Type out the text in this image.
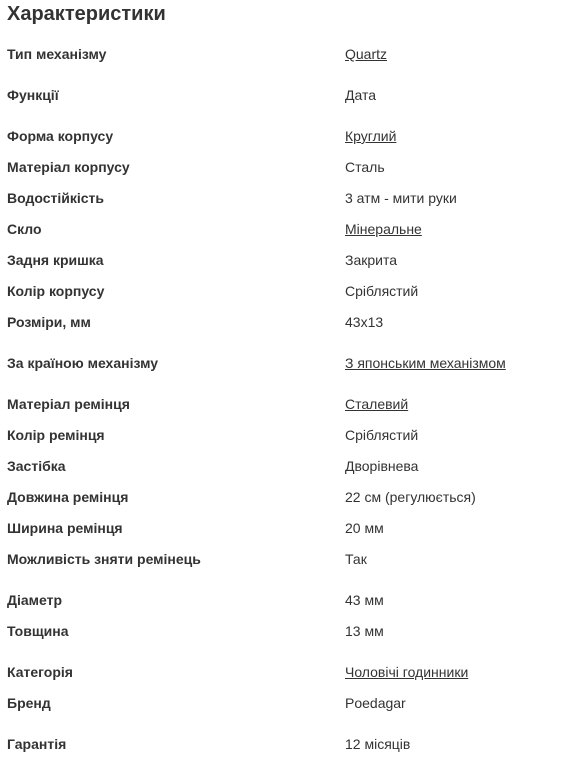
Характеристики
Тип механізму	Quartz
Функції	Дата
Форма корпусу	Круглий
Матеріал корпусу	Сталь
Водостійкість	3 атм - мити руки
Скло	Мінеральне
Задня кришка	Закрита
Колір корпусу	Сріблястий
Розміри, мм	43x13
За країною механізму	З японським механізмом
Матеріал ремінця	Сталевий
Колір ремінця	Сріблястий
Застібка	Дворівнева
Довжина ремінця	22 см (регулюється)
Ширина ремінця	20 мм
Можливість зняти ремінець	Так
Діаметр	43 мм
Товщина	13 мм
Категорія	Чоловічі годинники
Бренд	Poedagar
Гарантія	12 місяців
